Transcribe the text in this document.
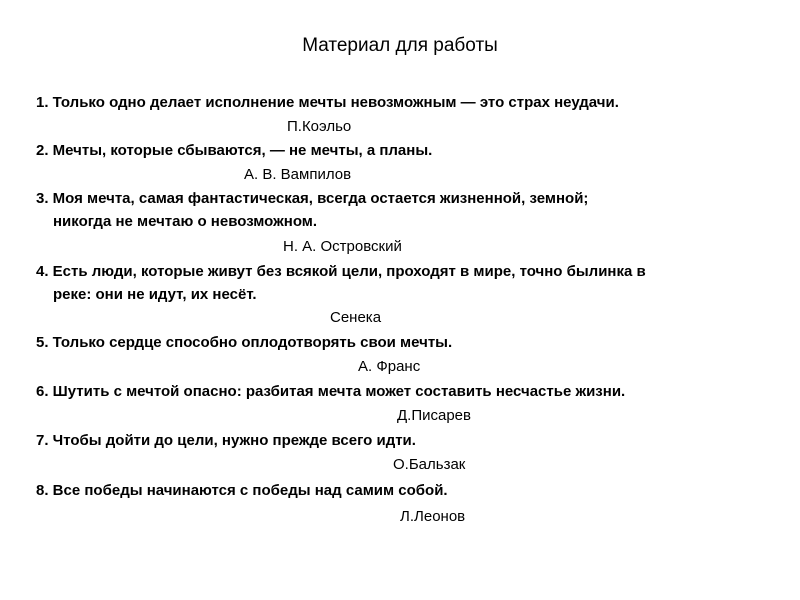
Материал для работы
1. Только одно делает исполнение мечты невозможным — это страх неудачи.
П.Коэльо
2. Мечты, которые сбываются, — не мечты, а планы.
А. В. Вампилов
3. Моя мечта, самая фантастическая, всегда остается жизненной, земной;
никогда не мечтаю о невозможном.
Н. А. Островский
4. Есть люди, которые живут без всякой цели, проходят в мире, точно былинка в
реке: они не идут, их несёт.
Сенека
5. Только сердце способно оплодотворять свои мечты.
А. Франс
6. Шутить с мечтой опасно: разбитая мечта может составить несчастье жизни.
Д.Писарев
7. Чтобы дойти до цели, нужно прежде всего идти.
О.Бальзак
8. Все победы начинаются с победы над самим собой.
Л.Леонов
